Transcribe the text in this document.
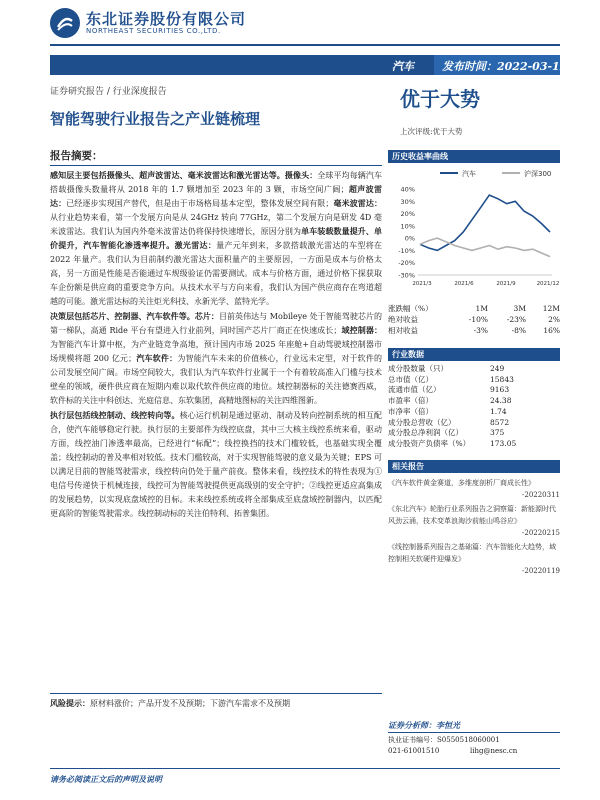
东北证券股份有限公司
NORTHEAST SECURITIES CO.,LTD.
汽车	发布时间：2022-03-12
证券研究报告 / 行业深度报告	优于大势
智能驾驶行业报告之产业链梳理
上次评级:优于大势
报告摘要：

感知层主要包括摄像头、超声波雷达、毫米波雷达和激光雷达等。摄像头：全球平均每辆汽车搭载摄像头数量将从 2018 年的 1.7 颗增加至 2023 年的 3 颗，市场空间广阔；超声波雷达：已经逐步实现国产替代，但是由于市场格局基本定型，整体发展空间有限；毫米波雷达：从行业趋势来看，第一个发展方向是从 24GHz 转向 77GHz，第二个发展方向是研发 4D 毫米波雷达。我们认为国内外毫米波雷达仍将保持快速增长，原因分别为单车装载数量提升、单价提升，汽车智能化渗透率提升。激光雷达：量产元年到来，多款搭载激光雷达的车型将在 2022 年量产。我们认为目前制约激光雷达大面积量产的主要原因，一方面是成本与价格太高，另一方面是性能是否能通过车规级验证仍需要测试。成本与价格方面，通过价格下探获取车企份额是供应商的重要竞争方向。从技术水平与方向来看，我们认为国产供应商存在弯道超越的可能。激光雷达标的关注炬光科技、永新光学、蓝特光学。

决策层包括芯片、控制器、汽车软件等。芯片：目前英伟达与 Mobileye 处于智能驾驶芯片的第一梯队，高通 Ride 平台有望进入行业前列，同时国产芯片厂商正在快速成长；域控制器：为智能汽车计算中枢，为产业链竞争高地，预计国内市场 2025 年座舱+自动驾驶域控制器市场规模将超 200 亿元；汽车软件：为智能汽车未来的价值核心，行业远未定型，对于软件的公司发展空间广阔。市场空间较大，我们认为汽车软件行业属于一个有着较高准入门槛与技术壁垒的领域，硬件供应商在短期内难以取代软件供应商的地位。域控制器标的关注德赛西威，软件标的关注中科创达、光庭信息、东软集团，高精地图标的关注四维图新。

执行层包括线控制动、线控转向等。核心运行机制是通过驱动、制动及转向控制系统的相互配合，使汽车能够稳定行驶。执行层的主要部件为线控底盘，其中三大核主线控系统来看，驱动方面，线控油门渗透率最高，已经进行“标配”；线控换挡的技术门槛较低，也基础实现全覆盖；线控制动的普及率相对较低。技术门槛较高，对于实现智能驾驶的意义最为关键；EPS 可以满足目前的智能驾驶需求，线控转向仍处于量产前夜。整体来看，线控技术的特性表现为①电信号传递快于机械连接，线控可为智能驾驶提供更高级别的安全守护；②线控更适应高集成的发展趋势，以实现底盘域控的目标。未来线控系统或将全部集成至底盘域控制器内，以匹配更高阶的智能驾驶需求。线控制动标的关注伯特利、拓普集团。

风险提示：原材料涨价；产品开发不及预期；下游汽车需求不及预期
历史收益率曲线
汽车	沪深300
40%
30%
20%
10%
0%
-10%
-20%
-30%
2021/3	2021/6	2021/9	2021/12
涨跌幅（%）	1M	3M	12M
绝对收益	-10%	-23%	2%
相对收益	-3%	-8%	16%
行业数据
成分股数量（只）	249
总市值（亿）	15843
流通市值（亿）	9163
市盈率（倍）	24.38
市净率（倍）	1.74
成分股总营收（亿）	8572
成分股总净利润（亿）	375
成分股资产负债率（%）	173.05
相关报告
《汽车软件黄金赛道，多维度剖析厂商成长性》
-20220311
《东北汽车》轮胎行业系列报告之洞察篇：新能源时代风劲云涌，技术变革浪淘沙前能山鸣谷应》
-20220215
《线控制器系列报告之基础篇：汽车智能化大趋势，域控制相关软硬件迎爆发》
-20220119
证券分析师：李恒光
执业证书编号： S0550518060001
021-61001510	lihg@nesc.cn
请务必阅读正文后的声明及说明
